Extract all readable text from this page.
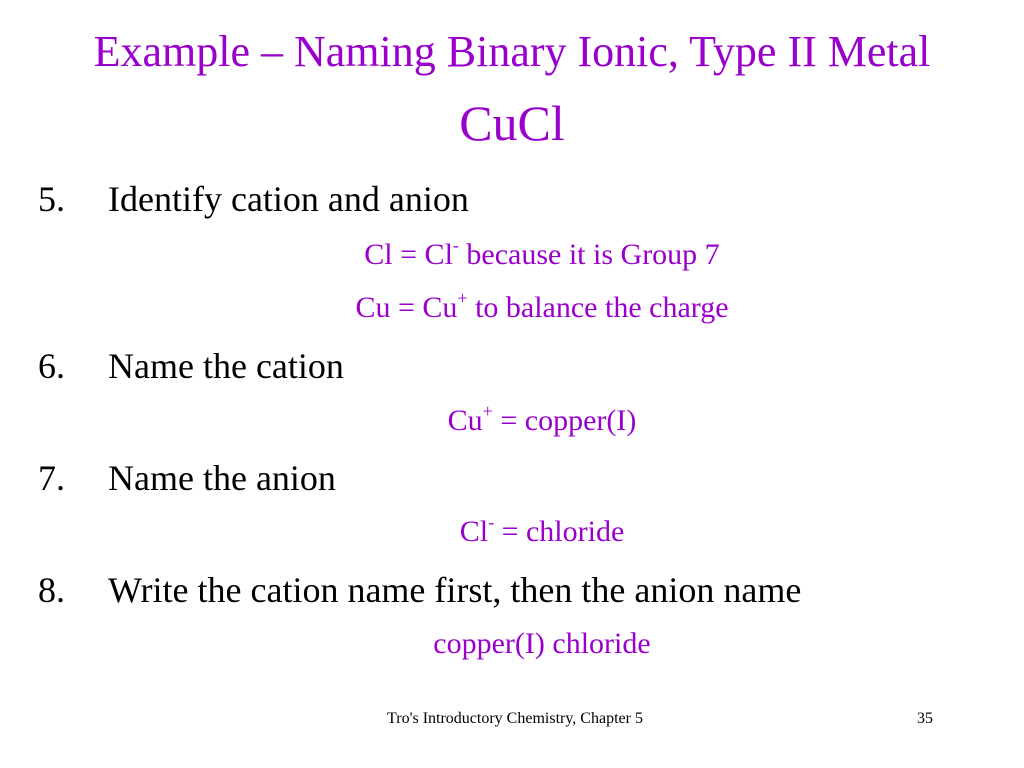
Example – Naming Binary Ionic, Type II Metal
CuCl
5. Identify cation and anion
Cl = Cl- because it is Group 7
Cu = Cu+ to balance the charge
6. Name the cation
Cu+ = copper(I)
7. Name the anion
Cl- = chloride
8. Write the cation name first, then the anion name
copper(I) chloride
Tro's Introductory Chemistry, Chapter 5	35
